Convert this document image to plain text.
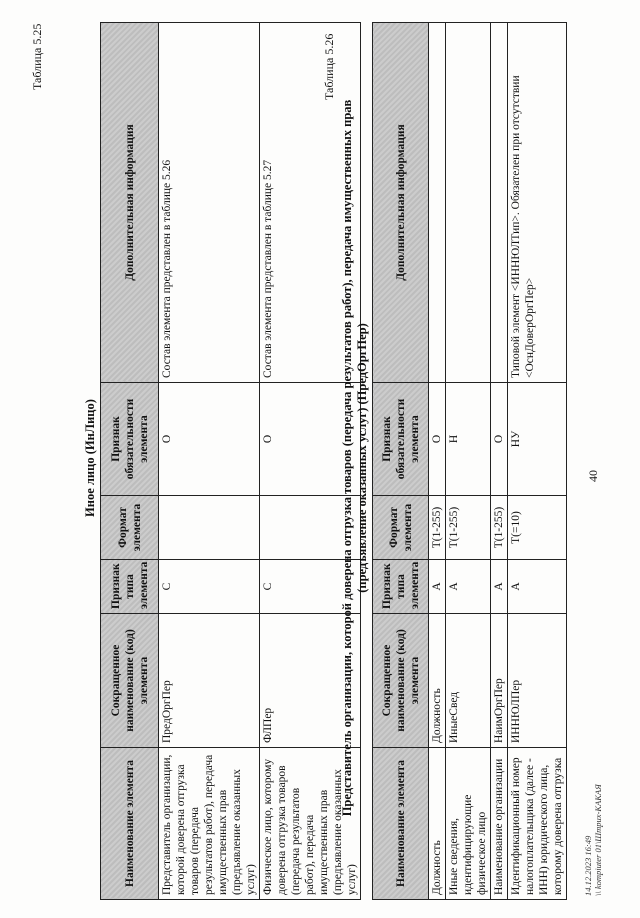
40
Таблица 5.25
Иное лицо (ИнЛицо)
Наименование элемента	Сокращенное наименование (код) элемента	Признак типа элемента	Формат элемента	Признак обязательности элемента	Дополнительная информация
Представитель организации, которой доверена отгрузка товаров (передача результатов работ), передача имущественных прав (предъявление оказанных услуг)	ПредОргПер	С		О	Состав элемента представлен в таблице 5.26
Физическое лицо, которому доверена отгрузка товаров (передача результатов работ), передача имущественных прав (предъявление оказанных услуг)	ФЛПер	С		О	Состав элемента представлен в таблице 5.27
Таблица 5.26
Представитель организации, которой доверена отгрузка товаров (передача результатов работ), передача имущественных прав (предъявление оказанных услуг) (ПредОргПер)
Наименование элемента	Сокращенное наименование (код) элемента	Признак типа элемента	Формат элемента	Признак обязательности элемента	Дополнительная информация
Должность	Должность	А	T(1-255)	О	
Иные сведения, идентифицирующие физическое лицо	ИныеСвед	А	T(1-255)	Н	
Наименование организации	НаимОргПер	А	T(1-255)	О	
Идентификационный номер налогоплательщика (далее - ИНН) юридического лица, которому доверена отгрузка	ИННЮЛПер	А	T(=10)	НУ	Типовой элемент <ИННЮЛТип>. Обязателен при отсутствии <ОснДоверОргПер>
14.12.2023 16:49 \\ kompiuter 01\Штрих-КАКАЯ
